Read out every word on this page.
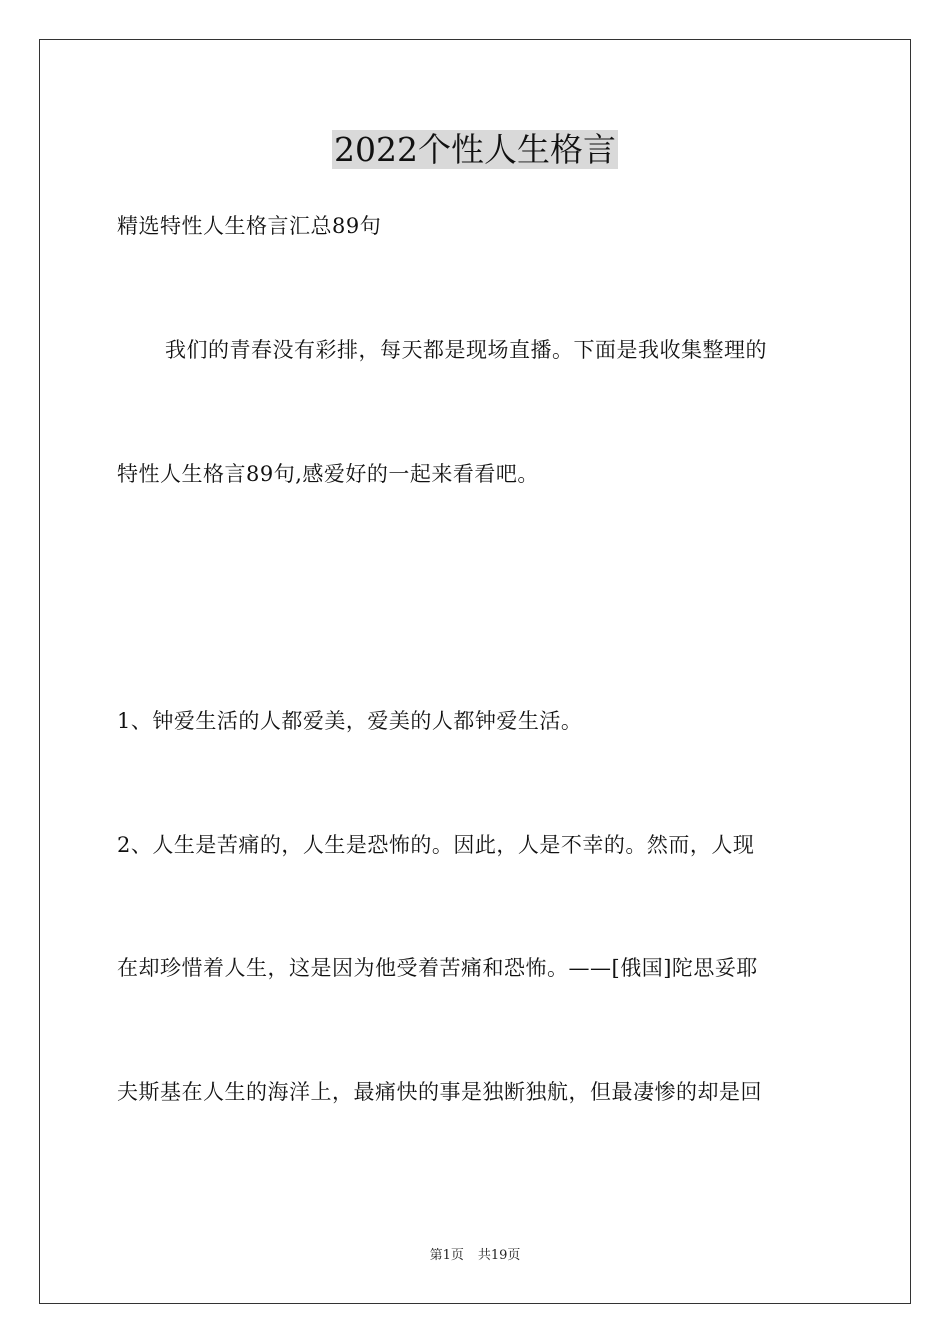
2022个性人生格言
精选特性人生格言汇总89句
我们的青春没有彩排，每天都是现场直播。下面是我收集整理的
特性人生格言89句,感爱好的一起来看看吧。
1、钟爱生活的人都爱美，爱美的人都钟爱生活。
2、人生是苦痛的，人生是恐怖的。因此，人是不幸的。然而，人现
在却珍惜着人生，这是因为他受着苦痛和恐怖。——[俄国]陀思妥耶
夫斯基在人生的海洋上，最痛快的事是独断独航，但最凄惨的却是回
第1页 共19页
